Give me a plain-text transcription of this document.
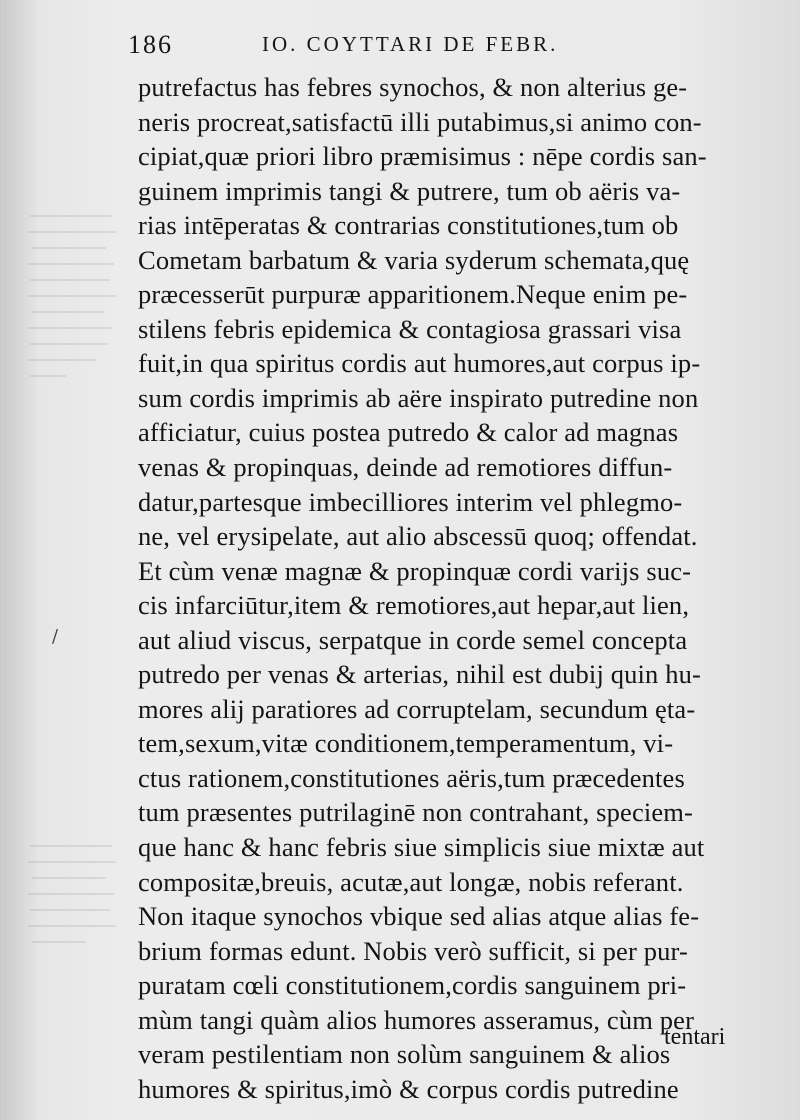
186	IO. COYTTARI DE FEBR.
/
putrefactus has febres synochos, & non alterius ge-
neris procreat,satisfactū illi putabimus,si animo con-
cipiat,quæ priori libro præmisimus : nēpe cordis san-
guinem imprimis tangi & putrere, tum ob aëris va-
rias intēperatas & contrarias constitutiones,tum ob
Cometam barbatum & varia syderum schemata,quę
præcesserūt purpuræ apparitionem.Neque enim pe-
stilens febris epidemica & contagiosa grassari visa
fuit,in qua spiritus cordis aut humores,aut corpus ip-
sum cordis imprimis ab aëre inspirato putredine non
afficiatur, cuius postea putredo & calor ad magnas
venas & propinquas, deinde ad remotiores diffun-
datur,partesque imbecilliores interim vel phlegmo-
ne, vel erysipelate, aut alio abscessū quoq; offendat.
Et cùm venæ magnæ & propinquæ cordi varijs suc-
cis infarciūtur,item & remotiores,aut hepar,aut lien,
aut aliud viscus, serpatque in corde semel concepta
putredo per venas & arterias, nihil est dubij quin hu-
mores alij paratiores ad corruptelam, secundum ęta-
tem,sexum,vitæ conditionem,temperamentum, vi-
ctus rationem,constitutiones aëris,tum præcedentes
tum præsentes putrilaginē non contrahant, speciem-
que hanc & hanc febris siue simplicis siue mixtæ aut
compositæ,breuis, acutæ,aut longæ, nobis referant.
Non itaque synochos vbique sed alias atque alias fe-
brium formas edunt. Nobis verò sufficit, si per pur-
puratam cœli constitutionem,cordis sanguinem pri-
mùm tangi quàm alios humores asseramus, cùm per
veram pestilentiam non solùm sanguinem & alios
humores & spiritus,imò & corpus cordis putredine
tentari
